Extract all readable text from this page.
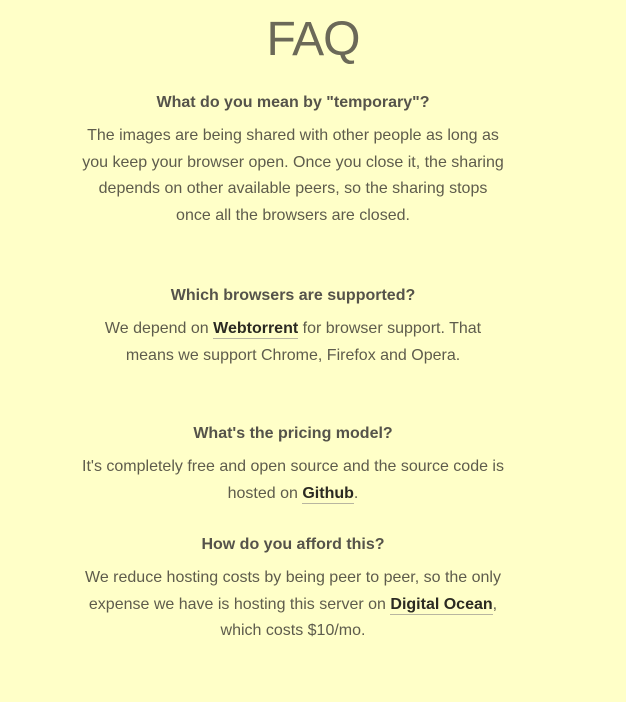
FAQ

What do you mean by "temporary"?

The images are being shared with other people as long as you keep your browser open. Once you close it, the sharing depends on other available peers, so the sharing stops once all the browsers are closed.

Which browsers are supported?

We depend on Webtorrent for browser support. That means we support Chrome, Firefox and Opera.

What's the pricing model?

It's completely free and open source and the source code is hosted on Github.

How do you afford this?

We reduce hosting costs by being peer to peer, so the only expense we have is hosting this server on Digital Ocean, which costs $10/mo.
